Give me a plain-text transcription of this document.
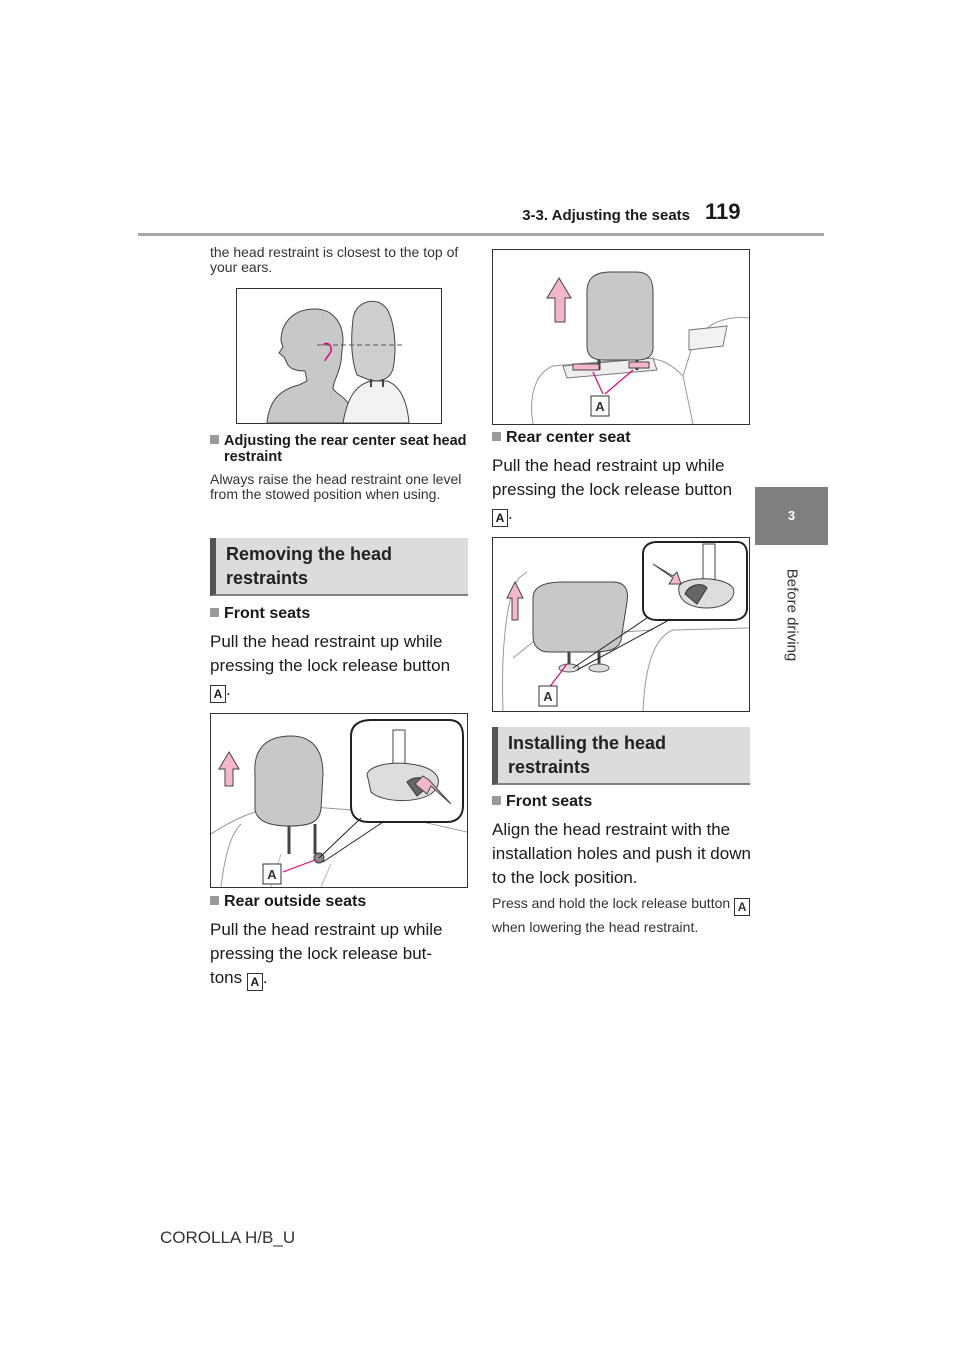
3-3. Adjusting the seats 119
3
Before driving
the head restraint is closest to the top of your ears.
Adjusting the rear center seat head restraint
Always raise the head restraint one level from the stowed position when using.
Removing the head restraints
Front seats
Pull the head restraint up while pressing the lock release button
A .
A
Rear outside seats
Pull the head restraint up while
pressing the lock release but-
tons A .
A
Rear center seat
Pull the head restraint up while pressing the lock release button
A .
A
Installing the head restraints
Front seats
Align the head restraint with the installation holes and push it down to the lock position.
Press and hold the lock release button A when lowering the head restraint.
COROLLA H/B_U
